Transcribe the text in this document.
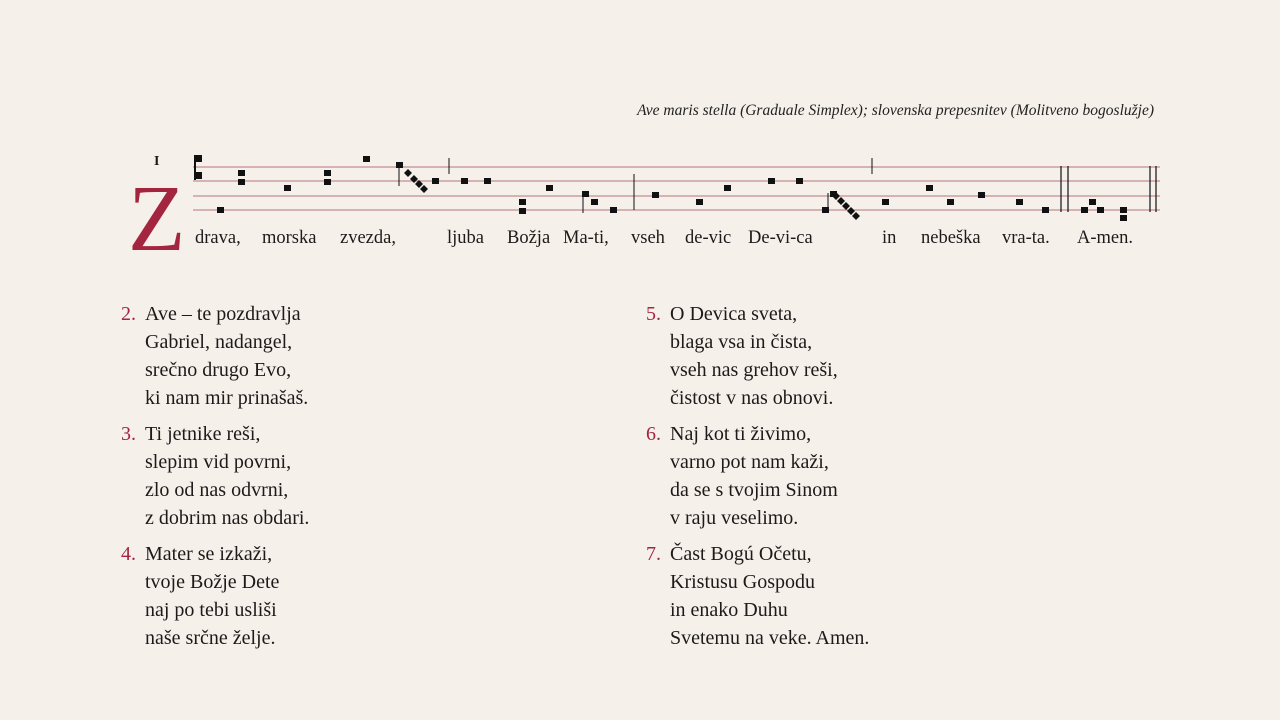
Ave maris stella (Graduale Simplex); slovenska prepesnitev (Molitveno bogoslužje)
I
Z drava, morska zvezda,	ljuba Božja Ma-ti, vseh de-vic De-vi-ca	in nebeška vra-ta. A-men.
2. Ave – te pozdravlja
Gabriel, nadangel,
srečno drugo Evo,
ki nam mir prinašaš.
3. Ti jetnike reši,
slepim vid povrni,
zlo od nas odvrni,
z dobrim nas obdari.
4. Mater se izkaži,
tvoje Božje Dete
naj po tebi usliši
naše srčne želje.
5. O Devica sveta,
blaga vsa in čista,
vseh nas grehov reši,
čistost v nas obnovi.
6. Naj kot ti živimo,
varno pot nam kaži,
da se s tvojim Sinom
v raju veselimo.
7. Čast Bogú Očetu,
Kristusu Gospodu
in enako Duhu
Svetemu na veke. Amen.
